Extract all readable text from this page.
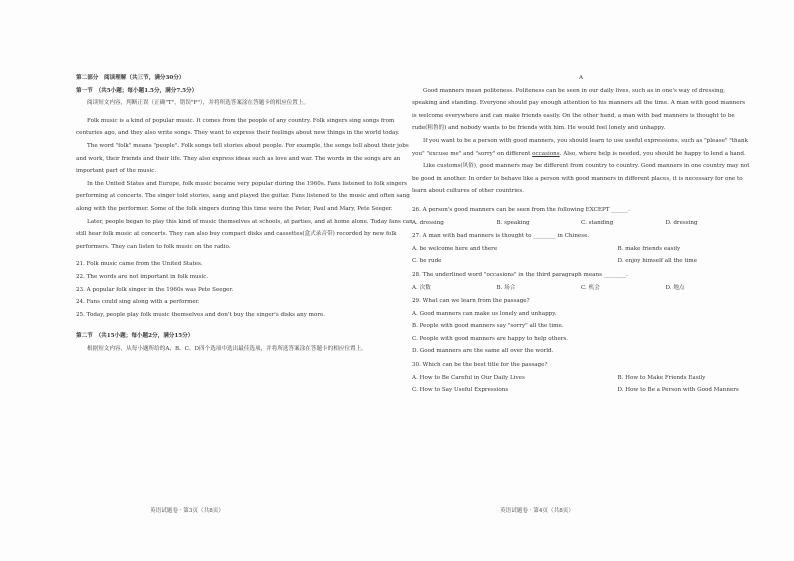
第二部分　阅读理解（共三节，满分30分）

第一节　（共5小题；每小题1.5分，满分7.5分）

阅读短文内容，判断正误（正确"T"，错误"F"），并将所选答案涂在答题卡的相应位置上。

Folk music is a kind of popular music. It comes from the people of any country. Folk singers sing songs from centuries ago, and they also write songs. They want to express their feelings about new things in the world today.

The word "folk" means "people". Folk songs tell stories about people. For example, the songs tell about their jobs and work, their friends and their life. They also express ideas such as love and war. The words in the songs are an important part of the music.

In the United States and Europe, folk music became very popular during the 1960s. Fans listened to folk singers performing at concerts. The singer told stories, sang and played the guitar. Fans listened to the music and often sang along with the performer. Some of the folk singers during this time were the Peter, Paul and Mary, Pete Seeger.

Later, people began to play this kind of music themselves at schools, at parties, and at home alone. Today fans can still hear folk music at concerts. They can also buy compact disks and cassettes(盒式录音带) recorded by new folk performers. They can listen to folk music on the radio.

21. Folk music came from the United States.

22. The words are not important in folk music.

23. A popular folk singer in the 1960s was Pete Seeger.

24. Fans could sing along with a performer.

25. Today, people play folk music themselves and don't buy the singer's disks any more.

第二节　（共15小题；每小题2分，满分15分）

根据短文内容，从每小题所给的A、B、C、D四个选项中选出最佳选项，并将所选答案涂在答题卡的相应位置上。

英语试题卷 · 第3页（共8页）

A

Good manners mean politeness. Politeness can be seen in our daily lives, such as in one's way of dressing, speaking and standing. Everyone should pay enough attention to his manners all the time. A man with good manners is welcome everywhere and can make friends easily. On the other hand, a man with bad manners is thought to be rude(粗鲁的) and nobody wants to be friends with him. He would feel lonely and unhappy.

If you want to be a person with good manners, you should learn to use useful expressions, such as "please" "thank you" "excuse me" and "sorry" on different occasions. Also, where help is needed, you should be happy to lend a hand.

Like customs(风俗), good manners may be different from country to country. Good manners in one country may not be good in another. In order to behave like a person with good manners in different places, it is necessary for one to learn about cultures of other countries.

26. A person's good manners can be seen from the following EXCEPT ______.

A. dressing	B. speaking	C. standing	D. dressing

27. A man with bad manners is thought to ________ in Chinese.

A. be welcome here and there	B. make friends easily
C. be rude	D. enjoy himself all the time

28. The underlined word "occasions" in the third paragraph means ________.

A. 次数	B. 场合	C. 机会	D. 地点

29. What can we learn from the passage?

A. Good manners can make us lonely and unhappy.

B. People with good manners say "sorry" all the time.

C. People with good manners are happy to help others.

D. Good manners are the same all over the world.

30. Which can be the best title for the passage?

A. How to Be Careful in Our Daily Lives	B. How to Make Friends Easily
C. How to Say Useful Expressions	D. How to Be a Person with Good Manners
英语试题卷 · 第4页（共8页）
